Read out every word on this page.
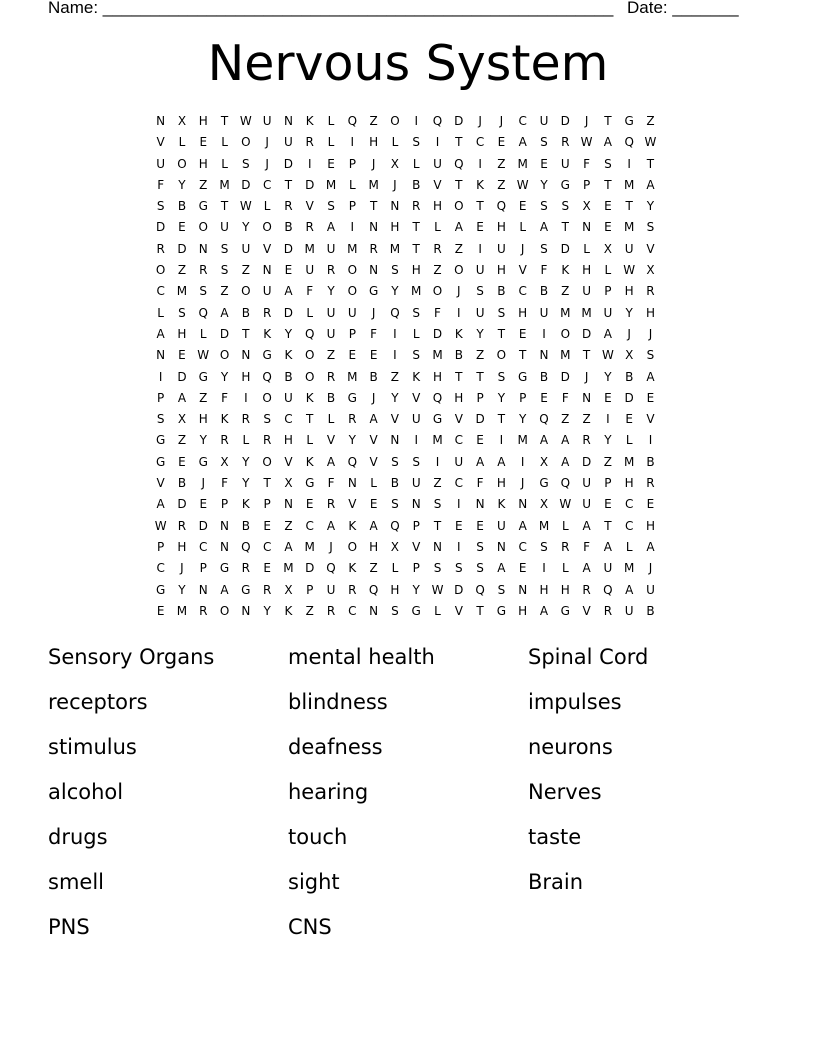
Name: ______________________________________________________ Date: _______
Nervous System
N	X	H	T W U	N	K	L	Q	Z	O	I	Q D	J	J	C	U	D	J	T	G	Z
V	L	E	L	O	J	U	R	L	I	H	L	S	I	T	C	E	A	S	R W A	Q W
U	O	H	L	S	J	D	I	E	P	J	X	L	U	Q	I	Z	M	E	U	F	S	I	T
F	Y	Z	M D	C	T	D M	L	M	J	B	V	T	K	Z W Y	G	P	T	M	A
S	B	G	T W	L	R	V	S	P	T	N	R	H	O	T	Q	E	S	S	X	E	T	Y
D	E	O	U	Y	O	B	R	A	I	N	H	T	L	A	E	H	L	A	T	N	E	M	S
R	D	N	S	U	V	D M U M R M	T	R	Z	I	U	J	S	D	L	X	U	V
O	Z	R	S	Z	N	E	U	R	O	N	S	H	Z	O	U	H	V	F	K	H	L	W X
C M	S	Z	O	U	A	F	Y	O G	Y	M O	J	S	B	C	B	Z	U	P	H	R
L	S	Q	A	B	R	D	L	U	U	J	Q	S	F	I	U	S	H	U M M U	Y	H
A	H	L	D	T	K	Y	Q	U	P	F	I	L	D	K	Y	T	E	I	O D	A	J	J
N	E W O	N	G	K	O	Z	E	E	I	S	M	B	Z	O	T	N M	T W X	S
I	D	G	Y	H	Q	B	O	R M	B	Z	K	H	T	T	S	G	B	D	J	Y	B	A
P	A	Z	F	I	O	U	K	B	G	J	Y	V	Q	H	P	Y	P	E	F	N	E	D	E
S	X	H	K	R	S	C	T	L	R	A	V	U	G	V	D	T	Y	Q	Z	Z	I	E	V
G	Z	Y	R	L	R	H	L	V	Y	V	N	I	M C	E	I	M	A	A	R	Y	L	I
G	E	G	X	Y	O	V	K	A	Q	V	S	S	I	U	A	A	I	X	A	D	Z	M	B
V	B	J	F	Y	T	X	G	F	N	L	B	U	Z	C	F	H	J	G Q	U	P	H	R
A	D	E	P	K	P	N	E	R	V	E	S	N	S	I	N	K	N	X W U	E	C	E
W R	D	N	B	E	Z	C	A	K	A	Q	P	T	E	E	U	A	M	L	A	T	C	H
P	H	C	N	Q	C	A	M	J	O	H	X	V	N	I	S	N	C	S	R	F	A	L	A
C	J	P	G	R	E	M D Q	K	Z	L	P	S	S	S	A	E	I	L	A	U M	J
G	Y	N	A	G	R	X	P	U	R	Q	H	Y W D Q	S	N	H	H	R	Q	A	U
E	M R	O	N	Y	K	Z	R	C	N	S	G	L	V	T	G	H	A	G	V	R	U	B
Sensory Organs	mental health	Spinal Cord
receptors	blindness	impulses
stimulus	deafness	neurons
alcohol	hearing	Nerves
drugs	touch	taste
smell	sight	Brain
PNS	CNS
